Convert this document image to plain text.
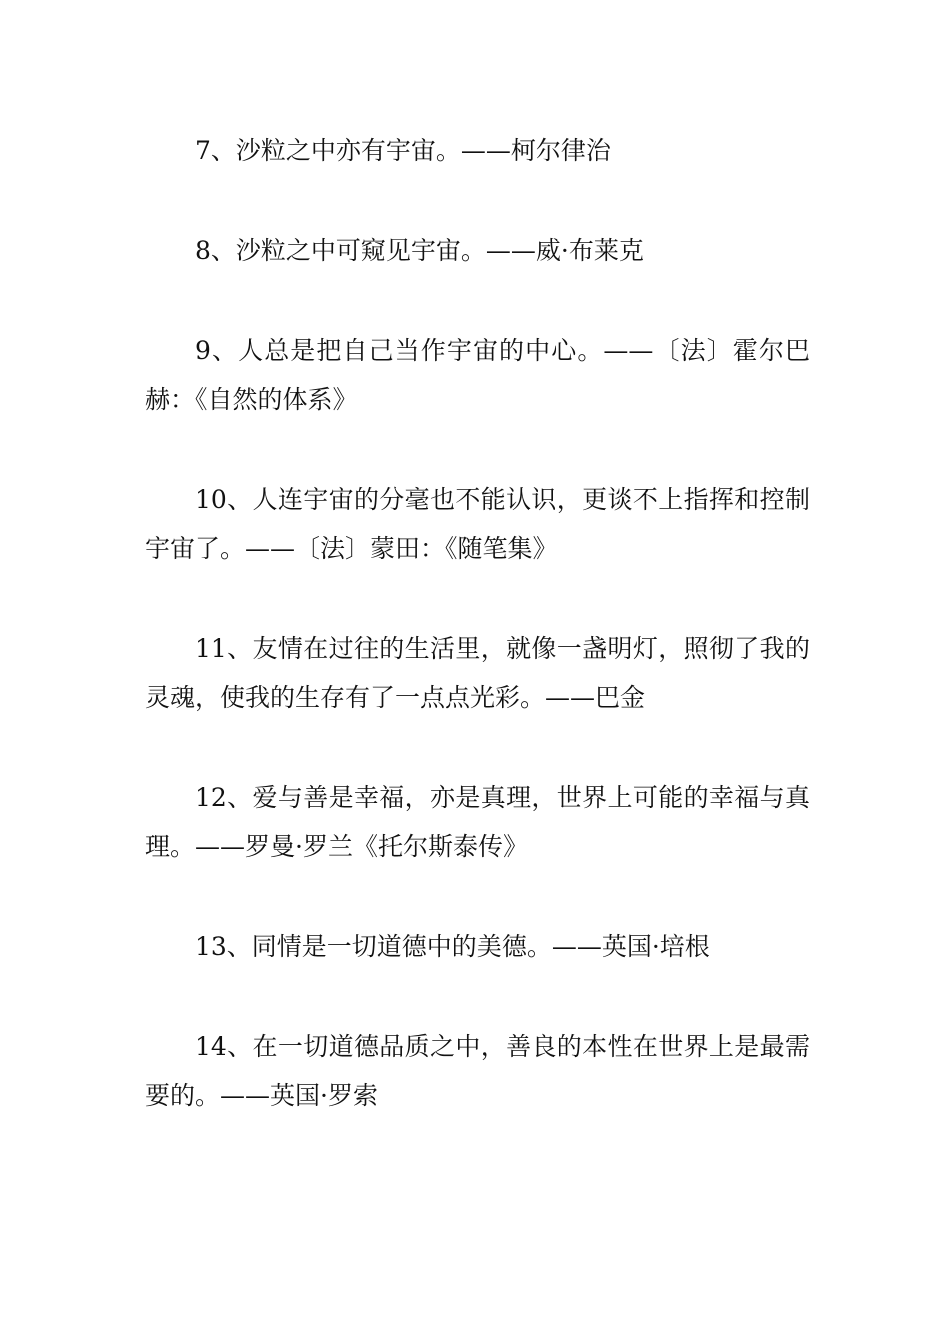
7、沙粒之中亦有宇宙。——柯尔律治

8、沙粒之中可窥见宇宙。——威·布莱克

9、人总是把自己当作宇宙的中心。——〔法〕霍尔巴赫：《自然的体系》

10、人连宇宙的分毫也不能认识，更谈不上指挥和控制宇宙了。——〔法〕蒙田：《随笔集》

11、友情在过往的生活里，就像一盏明灯，照彻了我的灵魂，使我的生存有了一点点光彩。——巴金

12、爱与善是幸福，亦是真理，世界上可能的幸福与真理。——罗曼·罗兰《托尔斯泰传》

13、同情是一切道德中的美德。——英国·培根

14、在一切道德品质之中，善良的本性在世界上是最需要的。——英国·罗索
